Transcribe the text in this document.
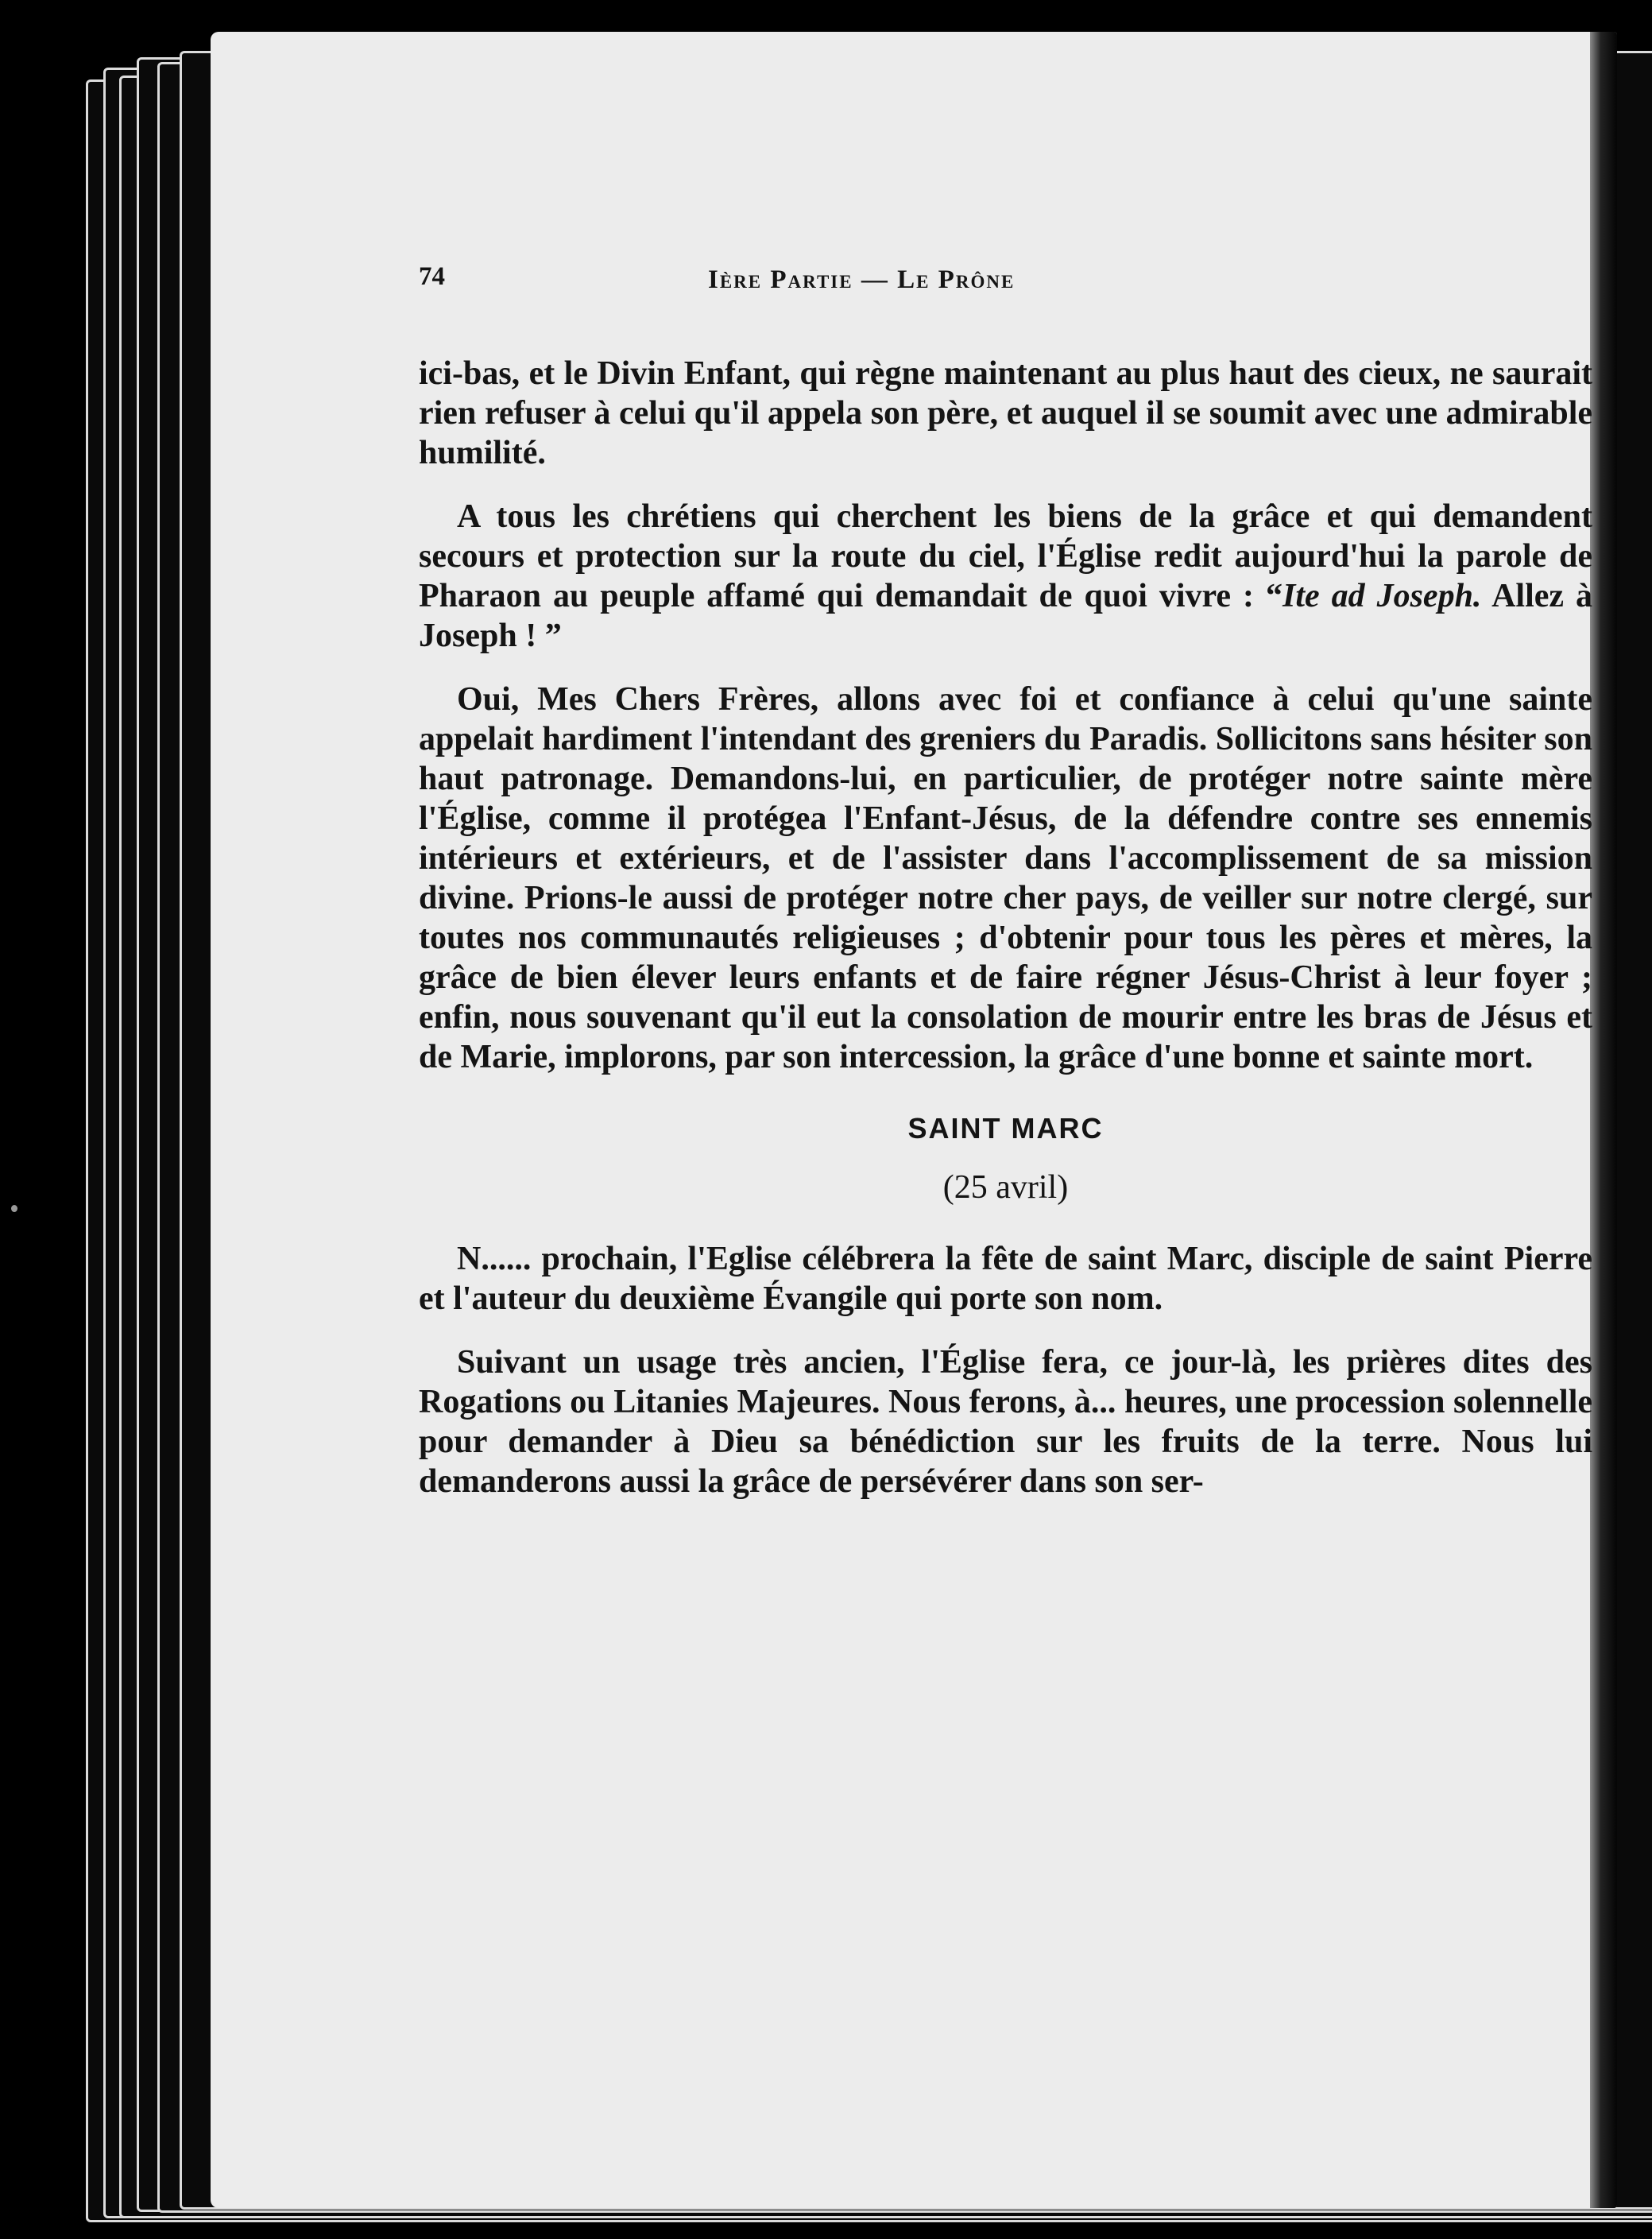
74	Ière Partie — Le Prône

ici-bas, et le Divin Enfant, qui règne maintenant au plus haut des cieux, ne saurait rien refuser à celui qu'il appela son père, et auquel il se soumit avec une admirable humilité.

A tous les chrétiens qui cherchent les biens de la grâce et qui demandent secours et protection sur la route du ciel, l'Église redit aujourd'hui la parole de Pharaon au peuple affamé qui demandait de quoi vivre : “Ite ad Joseph. Allez à Joseph ! ”

Oui, Mes Chers Frères, allons avec foi et confiance à celui qu'une sainte appelait hardiment l'intendant des greniers du Paradis. Sollicitons sans hésiter son haut patronage. Demandons-lui, en particulier, de protéger notre sainte mère l'Église, comme il protégea l'Enfant-Jésus, de la défendre contre ses ennemis intérieurs et extérieurs, et de l'assister dans l'accomplissement de sa mission divine. Prions-le aussi de protéger notre cher pays, de veiller sur notre clergé, sur toutes nos communautés religieuses ; d'obtenir pour tous les pères et mères, la grâce de bien élever leurs enfants et de faire régner Jésus-Christ à leur foyer ; enfin, nous souvenant qu'il eut la consolation de mourir entre les bras de Jésus et de Marie, implorons, par son intercession, la grâce d'une bonne et sainte mort.

SAINT MARC
(25 avril)

N...... prochain, l'Eglise célébrera la fête de saint Marc, disciple de saint Pierre et l'auteur du deuxième Évangile qui porte son nom.

Suivant un usage très ancien, l'Église fera, ce jour-là, les prières dites des Rogations ou Litanies Majeures. Nous ferons, à... heures, une procession solennelle pour demander à Dieu sa bénédiction sur les fruits de la terre. Nous lui demanderons aussi la grâce de persévérer dans son ser-
